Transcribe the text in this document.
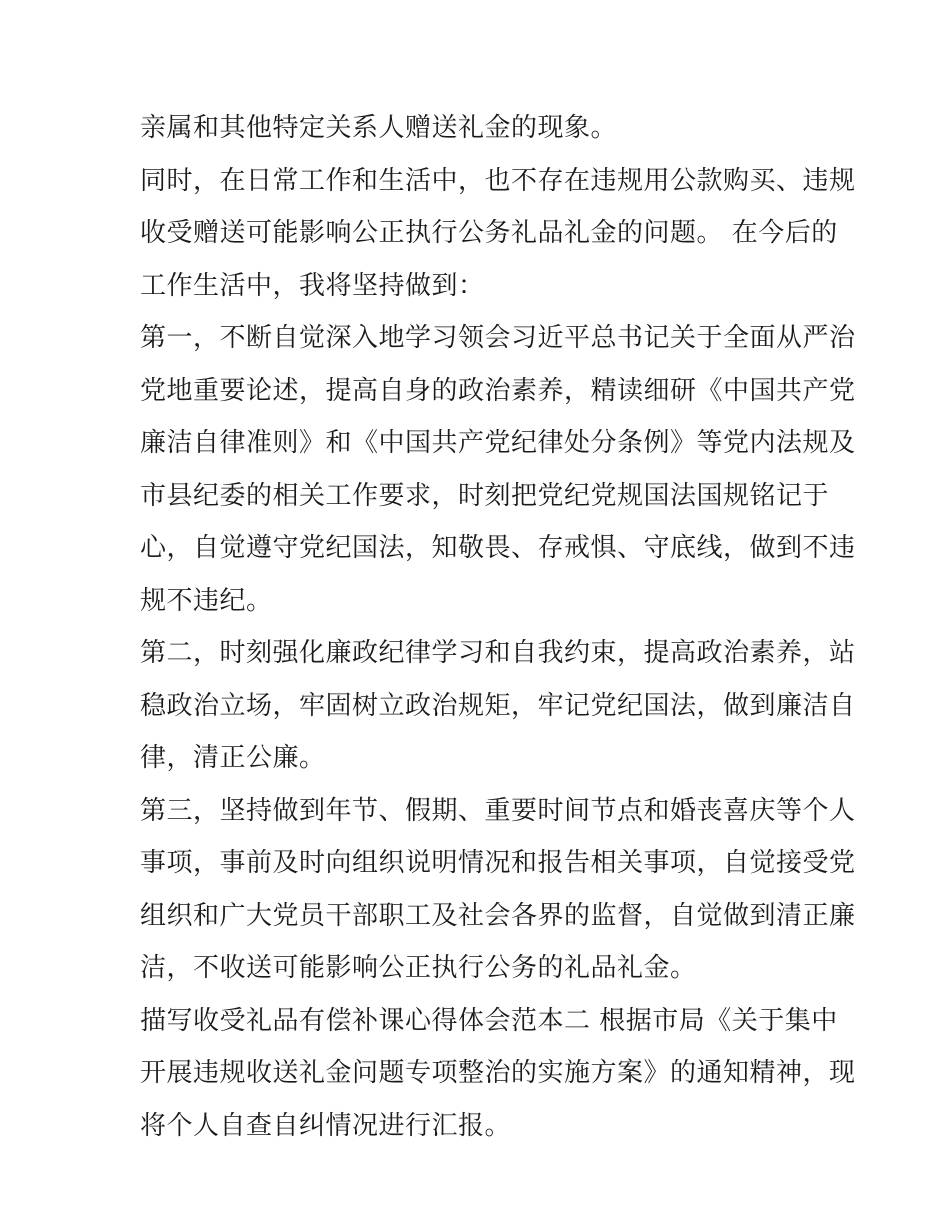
亲属和其他特定关系人赠送礼金的现象。
同时，在日常工作和生活中，也不存在违规用公款购买、违规
收受赠送可能影响公正执行公务礼品礼金的问题。 在今后的
工作生活中，我将坚持做到：
第一，不断自觉深入地学习领会习近平总书记关于全面从严治
党地重要论述，提高自身的政治素养，精读细研《中国共产党
廉洁自律准则》和《中国共产党纪律处分条例》等党内法规及
市县纪委的相关工作要求，时刻把党纪党规国法国规铭记于
心，自觉遵守党纪国法，知敬畏、存戒惧、守底线，做到不违
规不违纪。
第二，时刻强化廉政纪律学习和自我约束，提高政治素养，站
稳政治立场，牢固树立政治规矩，牢记党纪国法，做到廉洁自
律，清正公廉。
第三，坚持做到年节、假期、重要时间节点和婚丧喜庆等个人
事项，事前及时向组织说明情况和报告相关事项，自觉接受党
组织和广大党员干部职工及社会各界的监督，自觉做到清正廉
洁，不收送可能影响公正执行公务的礼品礼金。
描写收受礼品有偿补课心得体会范本二 根据市局《关于集中
开展违规收送礼金问题专项整治的实施方案》的通知精神，现
将个人自查自纠情况进行汇报。
